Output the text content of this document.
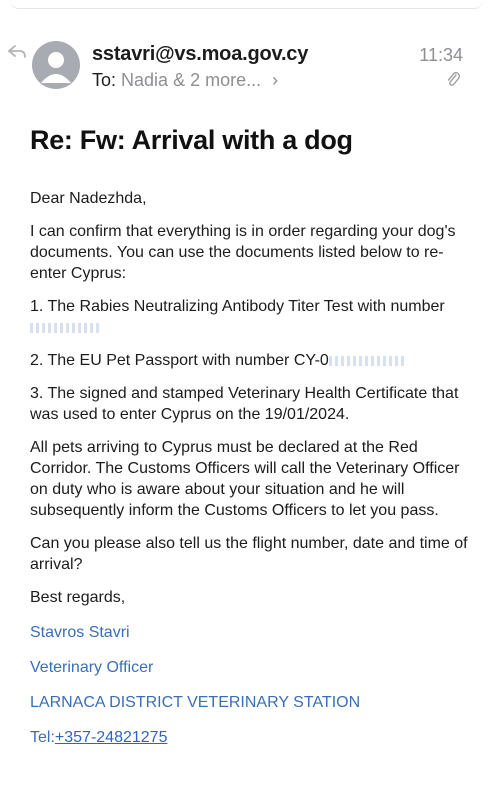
sstavri@vs.moa.gov.cy	11:34
To: Nadia & 2 more... ›
Re: Fw: Arrival with a dog

Dear Nadezhda,

I can confirm that everything is in order regarding your dog's documents. You can use the documents listed below to re-enter Cyprus:

1. The Rabies Neutralizing Antibody Titer Test with number

2. The EU Pet Passport with number CY-0

3. The signed and stamped Veterinary Health Certificate that was used to enter Cyprus on the 19/01/2024.

All pets arriving to Cyprus must be declared at the Red Corridor. The Customs Officers will call the Veterinary Officer on duty who is aware about your situation and he will subsequently inform the Customs Officers to let you pass.

Can you please also tell us the flight number, date and time of arrival?

Best regards,

Stavros Stavri

Veterinary Officer

LARNACA DISTRICT VETERINARY STATION

Tel:+357-24821275
